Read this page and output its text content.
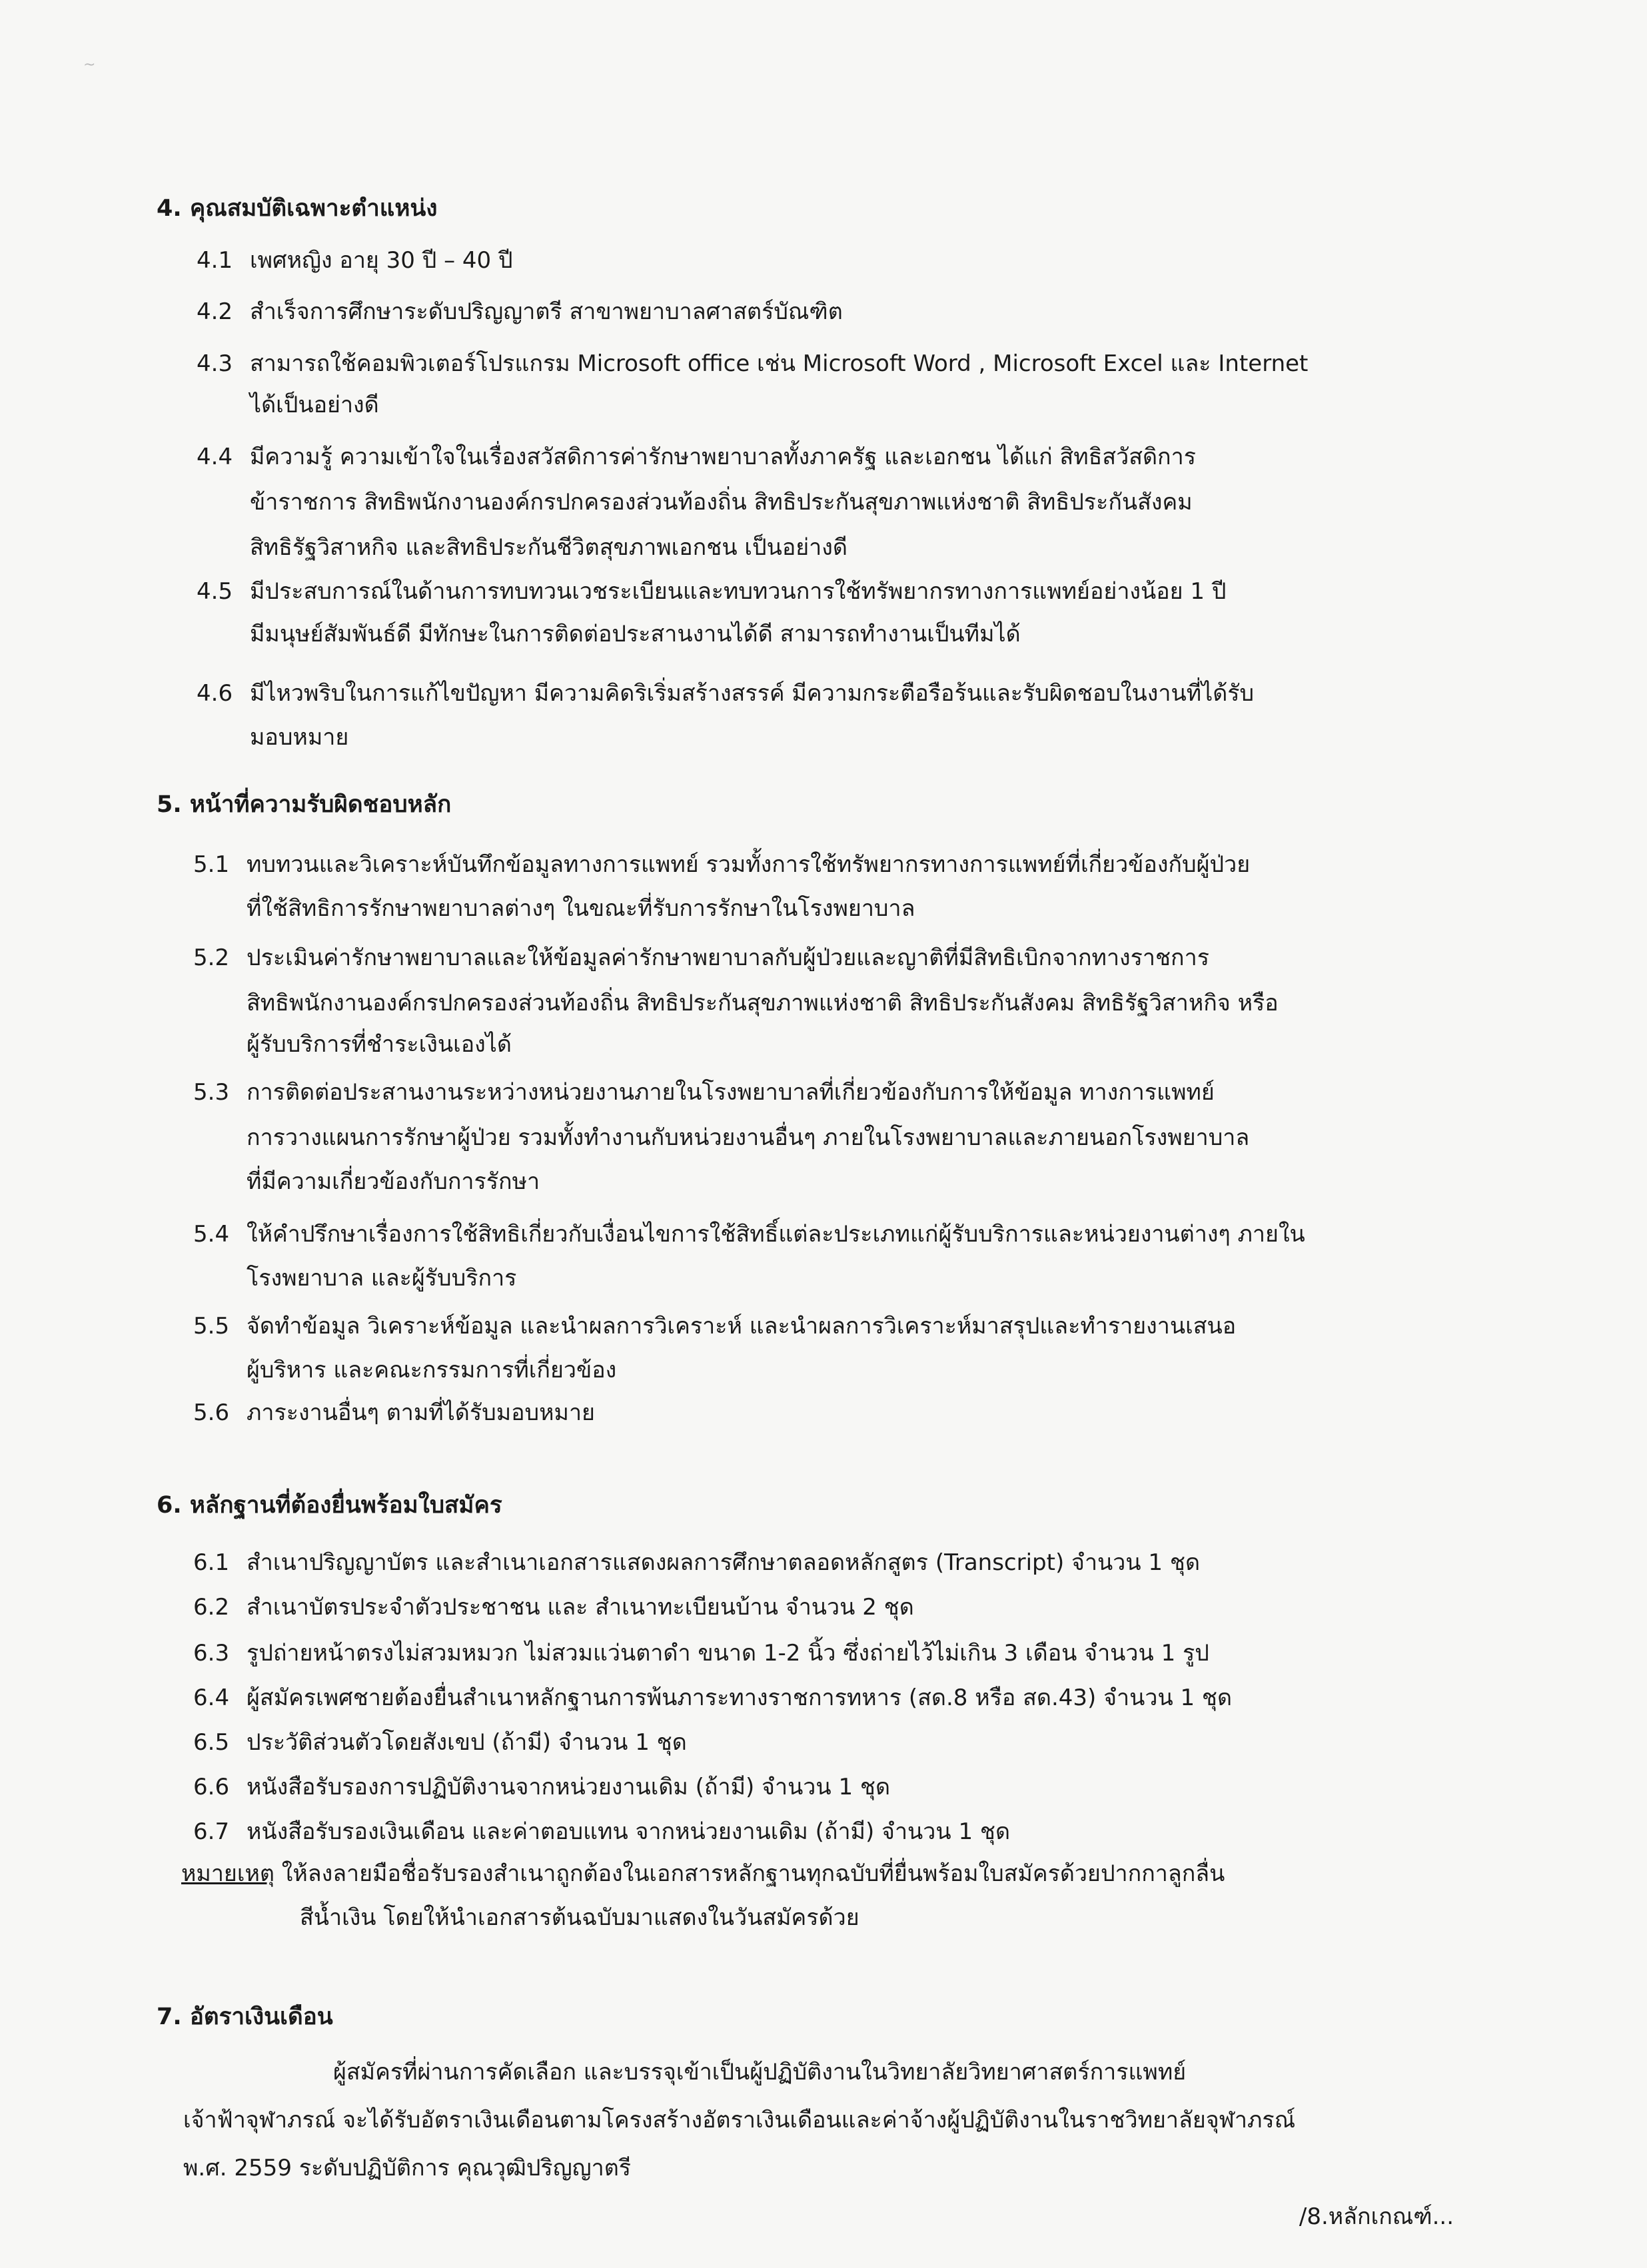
~
4. คุณสมบัติเฉพาะตำแหน่ง
4.1 เพศหญิง อายุ 30 ปี – 40 ปี
4.2 สำเร็จการศึกษาระดับปริญญาตรี สาขาพยาบาลศาสตร์บัณฑิต
4.3 สามารถใช้คอมพิวเตอร์โปรแกรม Microsoft office เช่น Microsoft Word , Microsoft Excel และ Internet
ได้เป็นอย่างดี
4.4 มีความรู้ ความเข้าใจในเรื่องสวัสดิการค่ารักษาพยาบาลทั้งภาครัฐ และเอกชน ได้แก่ สิทธิสวัสดิการ
ข้าราชการ สิทธิพนักงานองค์กรปกครองส่วนท้องถิ่น สิทธิประกันสุขภาพแห่งชาติ สิทธิประกันสังคม
สิทธิรัฐวิสาหกิจ และสิทธิประกันชีวิตสุขภาพเอกชน เป็นอย่างดี
4.5 มีประสบการณ์ในด้านการทบทวนเวชระเบียนและทบทวนการใช้ทรัพยากรทางการแพทย์อย่างน้อย 1 ปี
มีมนุษย์สัมพันธ์ดี มีทักษะในการติดต่อประสานงานได้ดี สามารถทำงานเป็นทีมได้
4.6 มีไหวพริบในการแก้ไขปัญหา มีความคิดริเริ่มสร้างสรรค์ มีความกระตือรือร้นและรับผิดชอบในงานที่ได้รับ
มอบหมาย
5. หน้าที่ความรับผิดชอบหลัก
5.1 ทบทวนและวิเคราะห์บันทึกข้อมูลทางการแพทย์ รวมทั้งการใช้ทรัพยากรทางการแพทย์ที่เกี่ยวข้องกับผู้ป่วย
ที่ใช้สิทธิการรักษาพยาบาลต่างๆ ในขณะที่รับการรักษาในโรงพยาบาล
5.2 ประเมินค่ารักษาพยาบาลและให้ข้อมูลค่ารักษาพยาบาลกับผู้ป่วยและญาติที่มีสิทธิเบิกจากทางราชการ
สิทธิพนักงานองค์กรปกครองส่วนท้องถิ่น สิทธิประกันสุขภาพแห่งชาติ สิทธิประกันสังคม สิทธิรัฐวิสาหกิจ หรือ
ผู้รับบริการที่ชำระเงินเองได้
5.3 การติดต่อประสานงานระหว่างหน่วยงานภายในโรงพยาบาลที่เกี่ยวข้องกับการให้ข้อมูล ทางการแพทย์
การวางแผนการรักษาผู้ป่วย รวมทั้งทำงานกับหน่วยงานอื่นๆ ภายในโรงพยาบาลและภายนอกโรงพยาบาล
ที่มีความเกี่ยวข้องกับการรักษา
5.4 ให้คำปรึกษาเรื่องการใช้สิทธิเกี่ยวกับเงื่อนไขการใช้สิทธิ์แต่ละประเภทแก่ผู้รับบริการและหน่วยงานต่างๆ ภายใน
โรงพยาบาล และผู้รับบริการ
5.5 จัดทำข้อมูล วิเคราะห์ข้อมูล และนำผลการวิเคราะห์ และนำผลการวิเคราะห์มาสรุปและทำรายงานเสนอ
ผู้บริหาร และคณะกรรมการที่เกี่ยวข้อง
5.6 ภาระงานอื่นๆ ตามที่ได้รับมอบหมาย
6. หลักฐานที่ต้องยื่นพร้อมใบสมัคร
6.1 สำเนาปริญญาบัตร และสำเนาเอกสารแสดงผลการศึกษาตลอดหลักสูตร (Transcript) จำนวน 1 ชุด
6.2 สำเนาบัตรประจำตัวประชาชน และ สำเนาทะเบียนบ้าน จำนวน 2 ชุด
6.3 รูปถ่ายหน้าตรงไม่สวมหมวก ไม่สวมแว่นตาดำ ขนาด 1-2 นิ้ว ซึ่งถ่ายไว้ไม่เกิน 3 เดือน จำนวน 1 รูป
6.4 ผู้สมัครเพศชายต้องยื่นสำเนาหลักฐานการพ้นภาระทางราชการทหาร (สด.8 หรือ สด.43) จำนวน 1 ชุด
6.5 ประวัติส่วนตัวโดยสังเขป (ถ้ามี) จำนวน 1 ชุด
6.6 หนังสือรับรองการปฏิบัติงานจากหน่วยงานเดิม (ถ้ามี) จำนวน 1 ชุด
6.7 หนังสือรับรองเงินเดือน และค่าตอบแทน จากหน่วยงานเดิม (ถ้ามี) จำนวน 1 ชุด
หมายเหตุ ให้ลงลายมือชื่อรับรองสำเนาถูกต้องในเอกสารหลักฐานทุกฉบับที่ยื่นพร้อมใบสมัครด้วยปากกาลูกลื่น
สีน้ำเงิน โดยให้นำเอกสารต้นฉบับมาแสดงในวันสมัครด้วย
7. อัตราเงินเดือน
ผู้สมัครที่ผ่านการคัดเลือก และบรรจุเข้าเป็นผู้ปฏิบัติงานในวิทยาลัยวิทยาศาสตร์การแพทย์
เจ้าฟ้าจุฬาภรณ์ จะได้รับอัตราเงินเดือนตามโครงสร้างอัตราเงินเดือนและค่าจ้างผู้ปฏิบัติงานในราชวิทยาลัยจุฬาภรณ์
พ.ศ. 2559 ระดับปฏิบัติการ คุณวุฒิปริญญาตรี
/8.หลักเกณฑ์...
